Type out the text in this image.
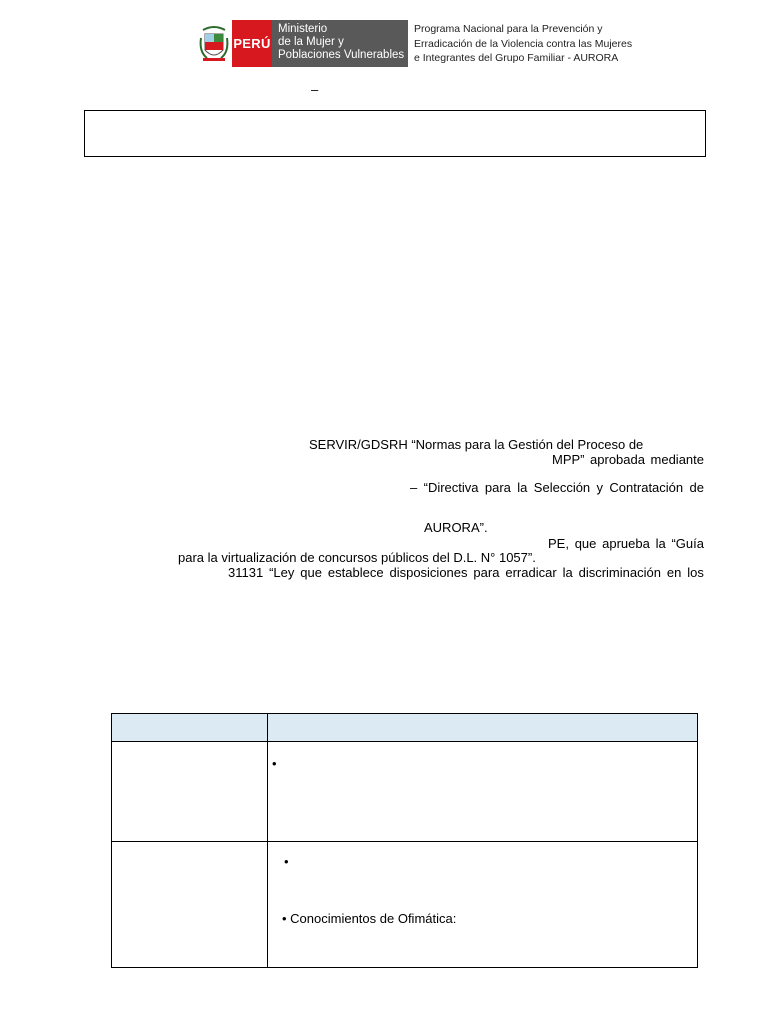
PERÚ
Ministerio
de la Mujer y
Poblaciones Vulnerables
Programa Nacional para la Prevención y
Erradicación de la Violencia contra las Mujeres
e Integrantes del Grupo Familiar - AURORA
–
SERVIR/GDSRH “Normas para la Gestión del Proceso de
MPP” aprobada mediante
– “Directiva para la Selección y Contratación de
AURORA”.
PE, que aprueba la “Guía
para la virtualización de concursos públicos del D.L. N° 1057”.
31131 “Ley que establece disposiciones para erradicar la discriminación en los
•
•
• Conocimientos de Ofimática:
